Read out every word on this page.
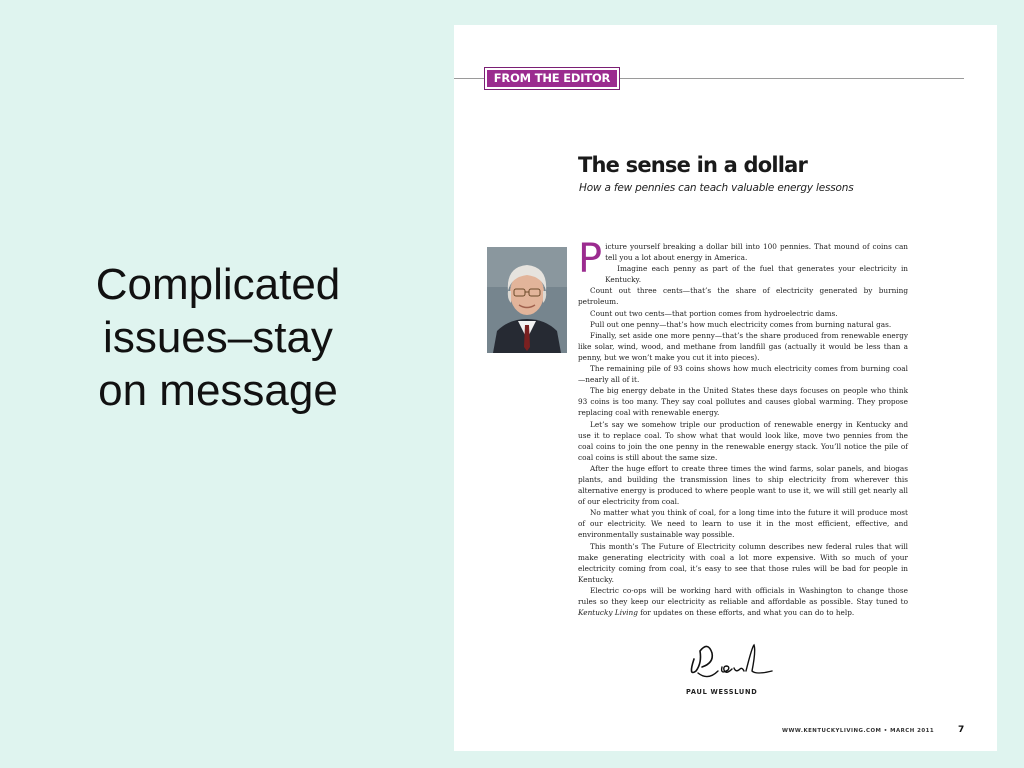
Complicated
issues–stay
on message
FROM THE EDITOR
The sense in a dollar
How a few pennies can teach valuable energy lessons

Picture yourself breaking a dollar bill into 100 pennies. That mound of coins can tell you a lot about energy in America.

Imagine each penny as part of the fuel that generates your electricity in Kentucky.

Count out three cents—that’s the share of electricity generated by burning petroleum.

Count out two cents—that portion comes from hydroelectric dams.

Pull out one penny—that’s how much electricity comes from burning natural gas.

Finally, set aside one more penny—that’s the share produced from renewable energy like solar, wind, wood, and methane from landfill gas (actually it would be less than a penny, but we won’t make you cut it into pieces).

The remaining pile of 93 coins shows how much electricity comes from burning coal—nearly all of it.

The big energy debate in the United States these days focuses on people who think 93 coins is too many. They say coal pollutes and causes global warming. They propose replacing coal with renewable energy.

Let’s say we somehow triple our production of renewable energy in Kentucky and use it to replace coal. To show what that would look like, move two pennies from the coal coins to join the one penny in the renewable energy stack. You’ll notice the pile of coal coins is still about the same size.

After the huge effort to create three times the wind farms, solar panels, and biogas plants, and building the transmission lines to ship electricity from wherever this alternative energy is produced to where people want to use it, we will still get nearly all of our electricity from coal.

No matter what you think of coal, for a long time into the future it will produce most of our electricity. We need to learn to use it in the most efficient, effective, and environmentally sustainable way possible.

This month’s The Future of Electricity column describes new federal rules that will make generating electricity with coal a lot more expensive. With so much of your electricity coming from coal, it’s easy to see that those rules will be bad for people in Kentucky.

Electric co-ops will be working hard with officials in Washington to change those rules so they keep our electricity as reliable and affordable as possible. Stay tuned to Kentucky Living for updates on these efforts, and what you can do to help.

PAUL WESSLUND
WWW.KENTUCKYLIVING.COM • MARCH 2011	7
